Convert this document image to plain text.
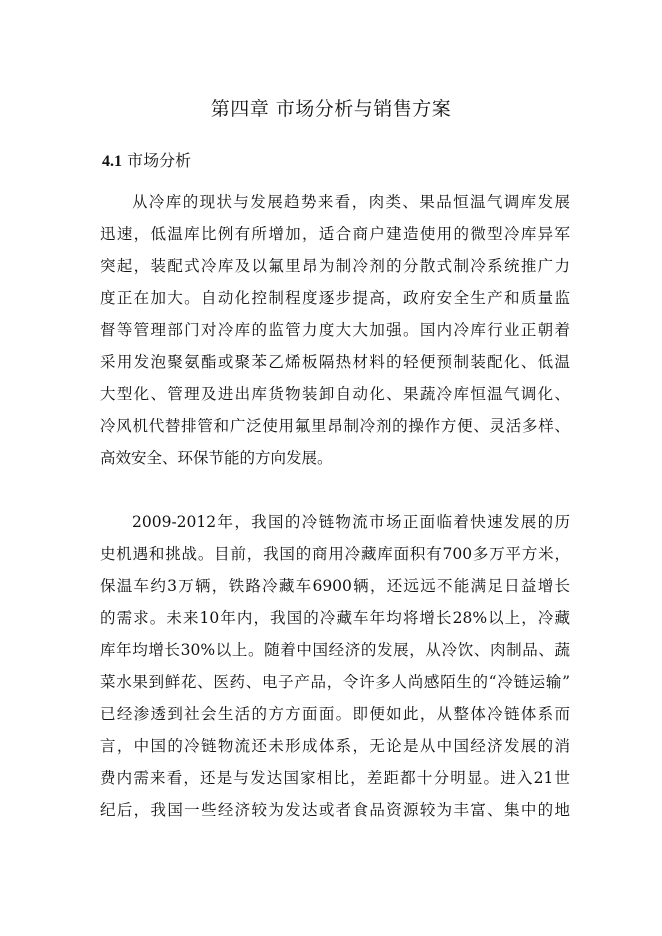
第四章 市场分析与销售方案
4.1 市场分析
从冷库的现状与发展趋势来看，肉类、果品恒温气调库发展
迅速，低温库比例有所增加，适合商户建造使用的微型冷库异军
突起，装配式冷库及以氟里昂为制冷剂的分散式制冷系统推广力
度正在加大。自动化控制程度逐步提高，政府安全生产和质量监
督等管理部门对冷库的监管力度大大加强。国内冷库行业正朝着
采用发泡聚氨酯或聚苯乙烯板隔热材料的轻便预制装配化、低温
大型化、管理及进出库货物装卸自动化、果蔬冷库恒温气调化、
冷风机代替排管和广泛使用氟里昂制冷剂的操作方便、灵活多样、
高效安全、环保节能的方向发展。
2009-2012年，我国的冷链物流市场正面临着快速发展的历
史机遇和挑战。目前，我国的商用冷藏库面积有700多万平方米，
保温车约3万辆，铁路冷藏车6900辆，还远远不能满足日益增长
的需求。未来10年内，我国的冷藏车年均将增长28%以上，冷藏
库年均增长30%以上。随着中国经济的发展，从冷饮、肉制品、蔬
菜水果到鲜花、医药、电子产品，令许多人尚感陌生的“冷链运输”
已经渗透到社会生活的方方面面。即便如此，从整体冷链体系而
言，中国的冷链物流还未形成体系，无论是从中国经济发展的消
费内需来看，还是与发达国家相比，差距都十分明显。进入21世
纪后，我国一些经济较为发达或者食品资源较为丰富、集中的地
